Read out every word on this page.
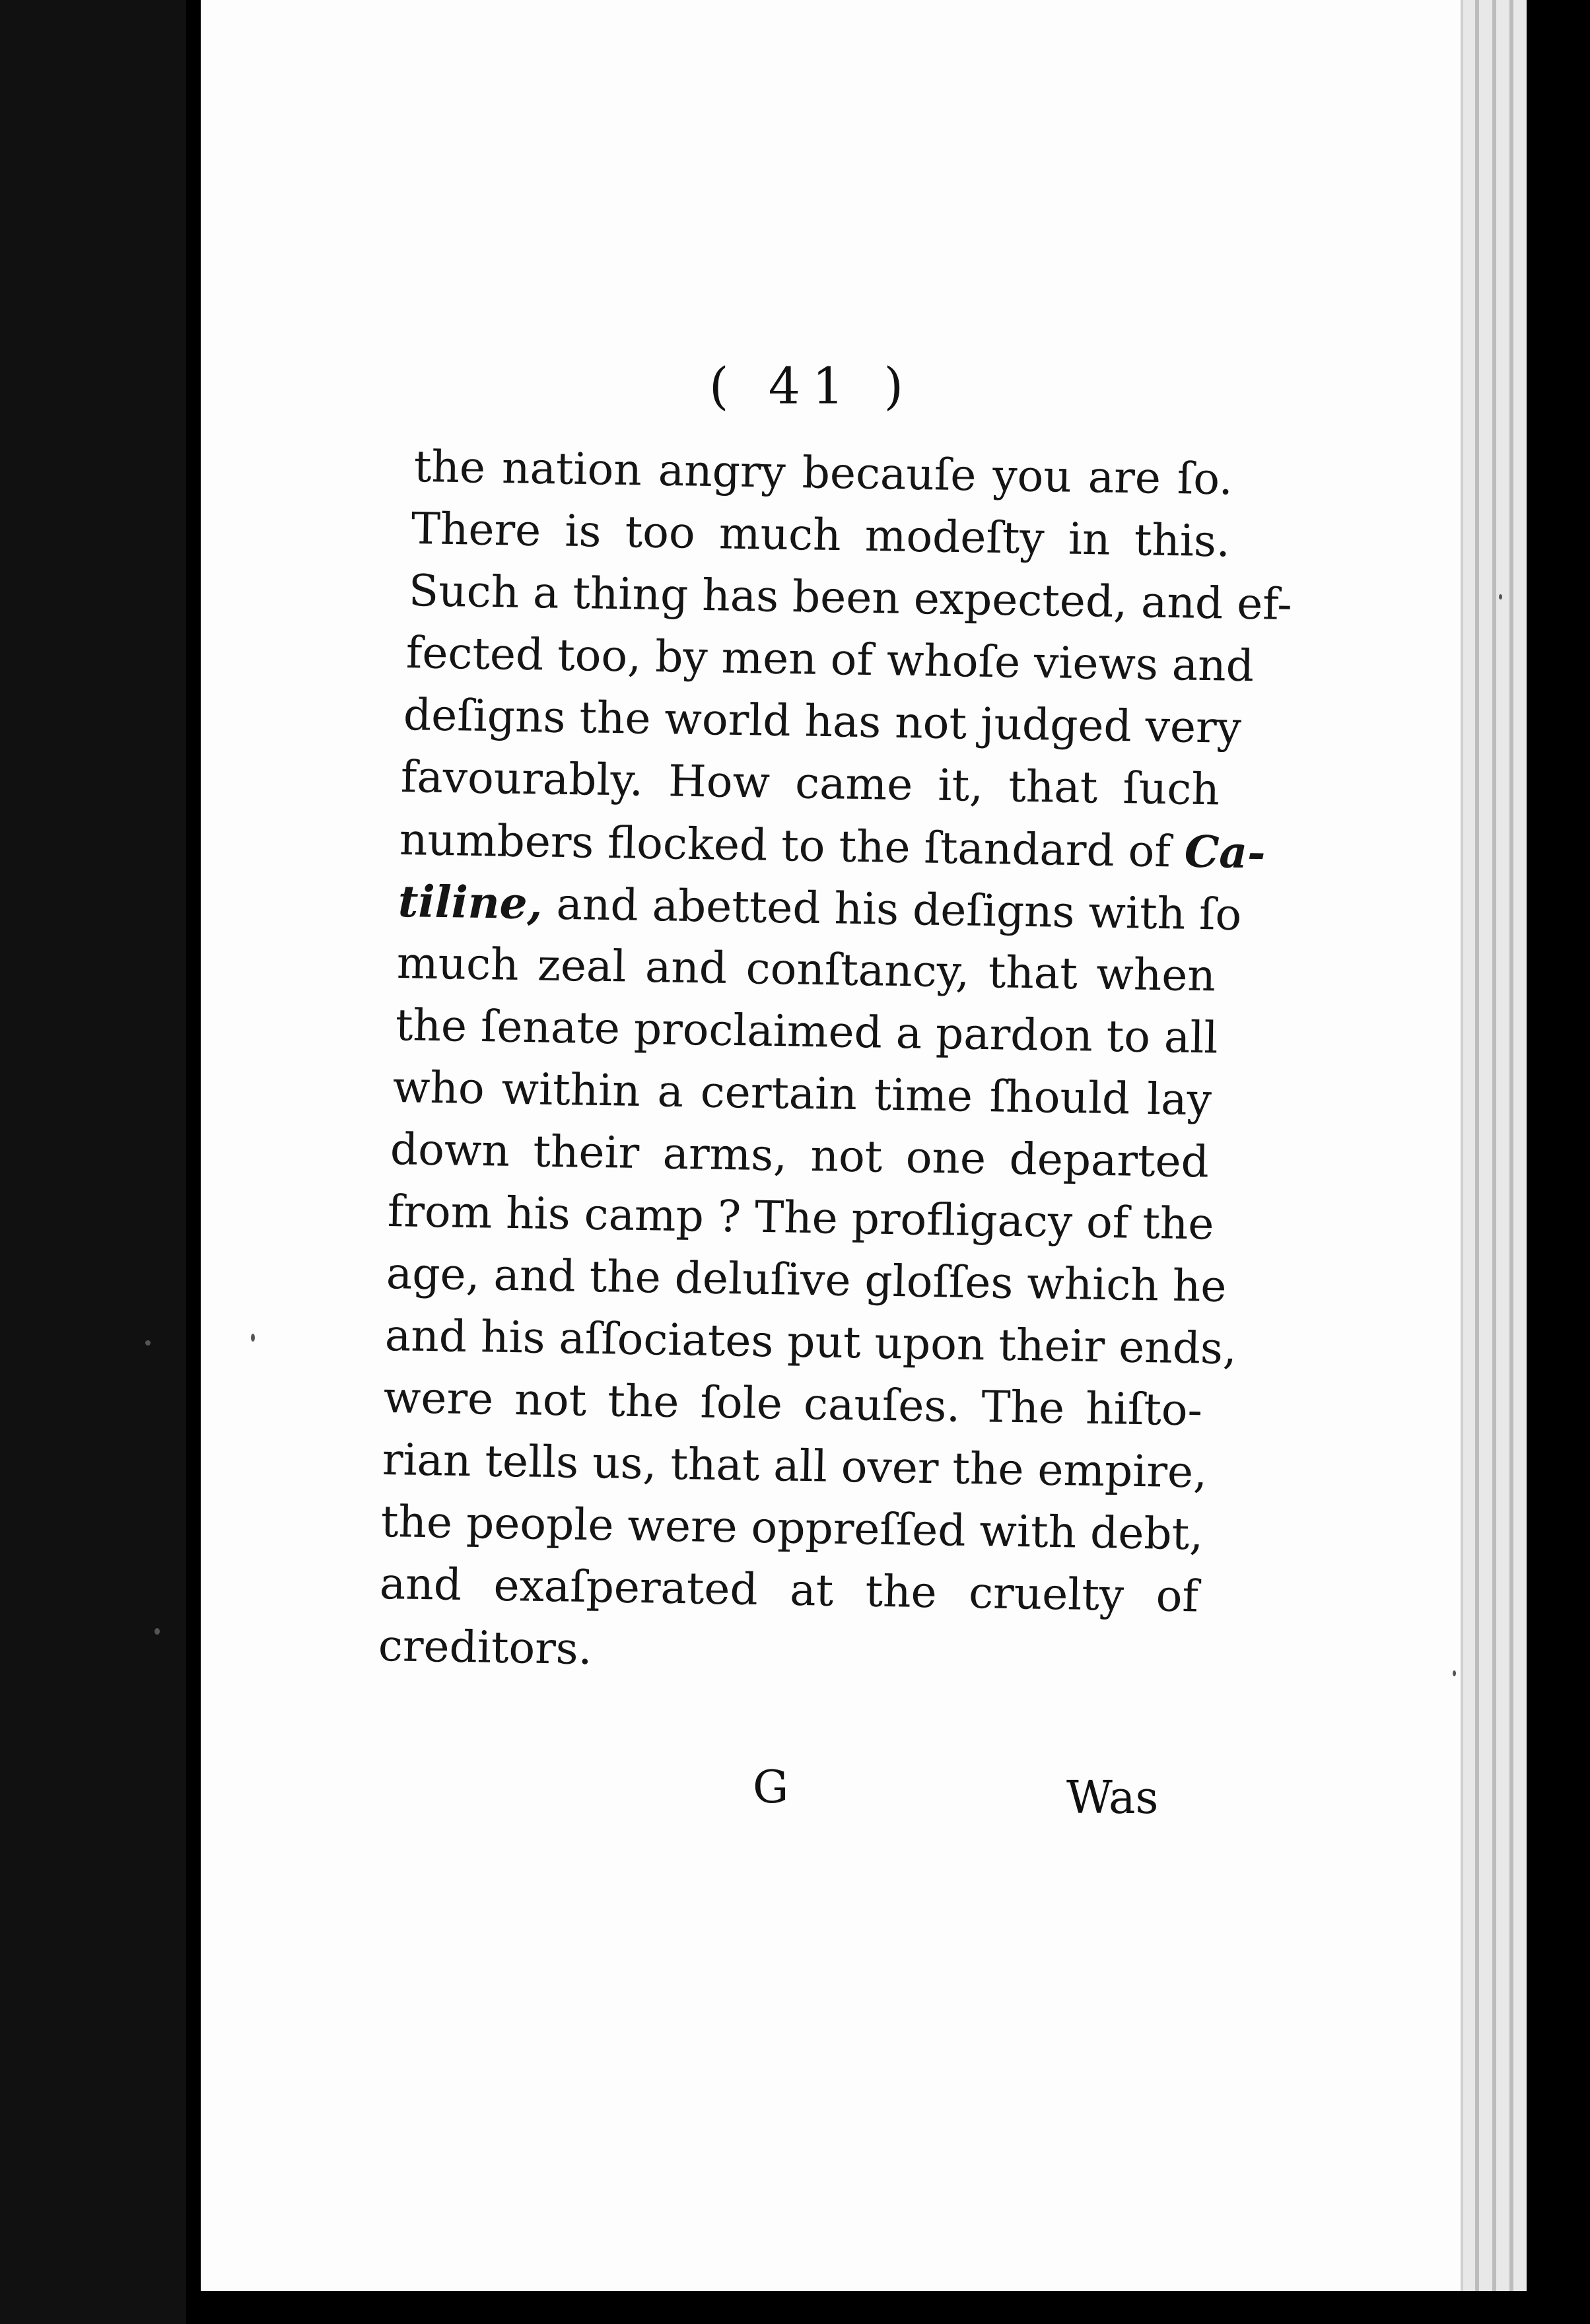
( 41 )
the nation angry becauſe you are ſo.
There is too much modeſty in this.
Such a thing has been expected, and ef-
fected too, by men of whoſe views and
deſigns the world has not judged very
favourably. How came it, that ſuch
numbers flocked to the ſtandard of Ca-
tiline, and abetted his deſigns with ſo
much zeal and conſtancy, that when
the ſenate proclaimed a pardon to all
who within a certain time ſhould lay
down their arms, not one departed
from his camp ? The profligacy of the
age, and the deluſive gloſſes which he
and his aſſociates put upon their ends,
were not the ſole cauſes. The hiſto-
rian tells us, that all over the empire,
the people were oppreſſed with debt,
and exaſperated at the cruelty of
creditors.
G	Was
